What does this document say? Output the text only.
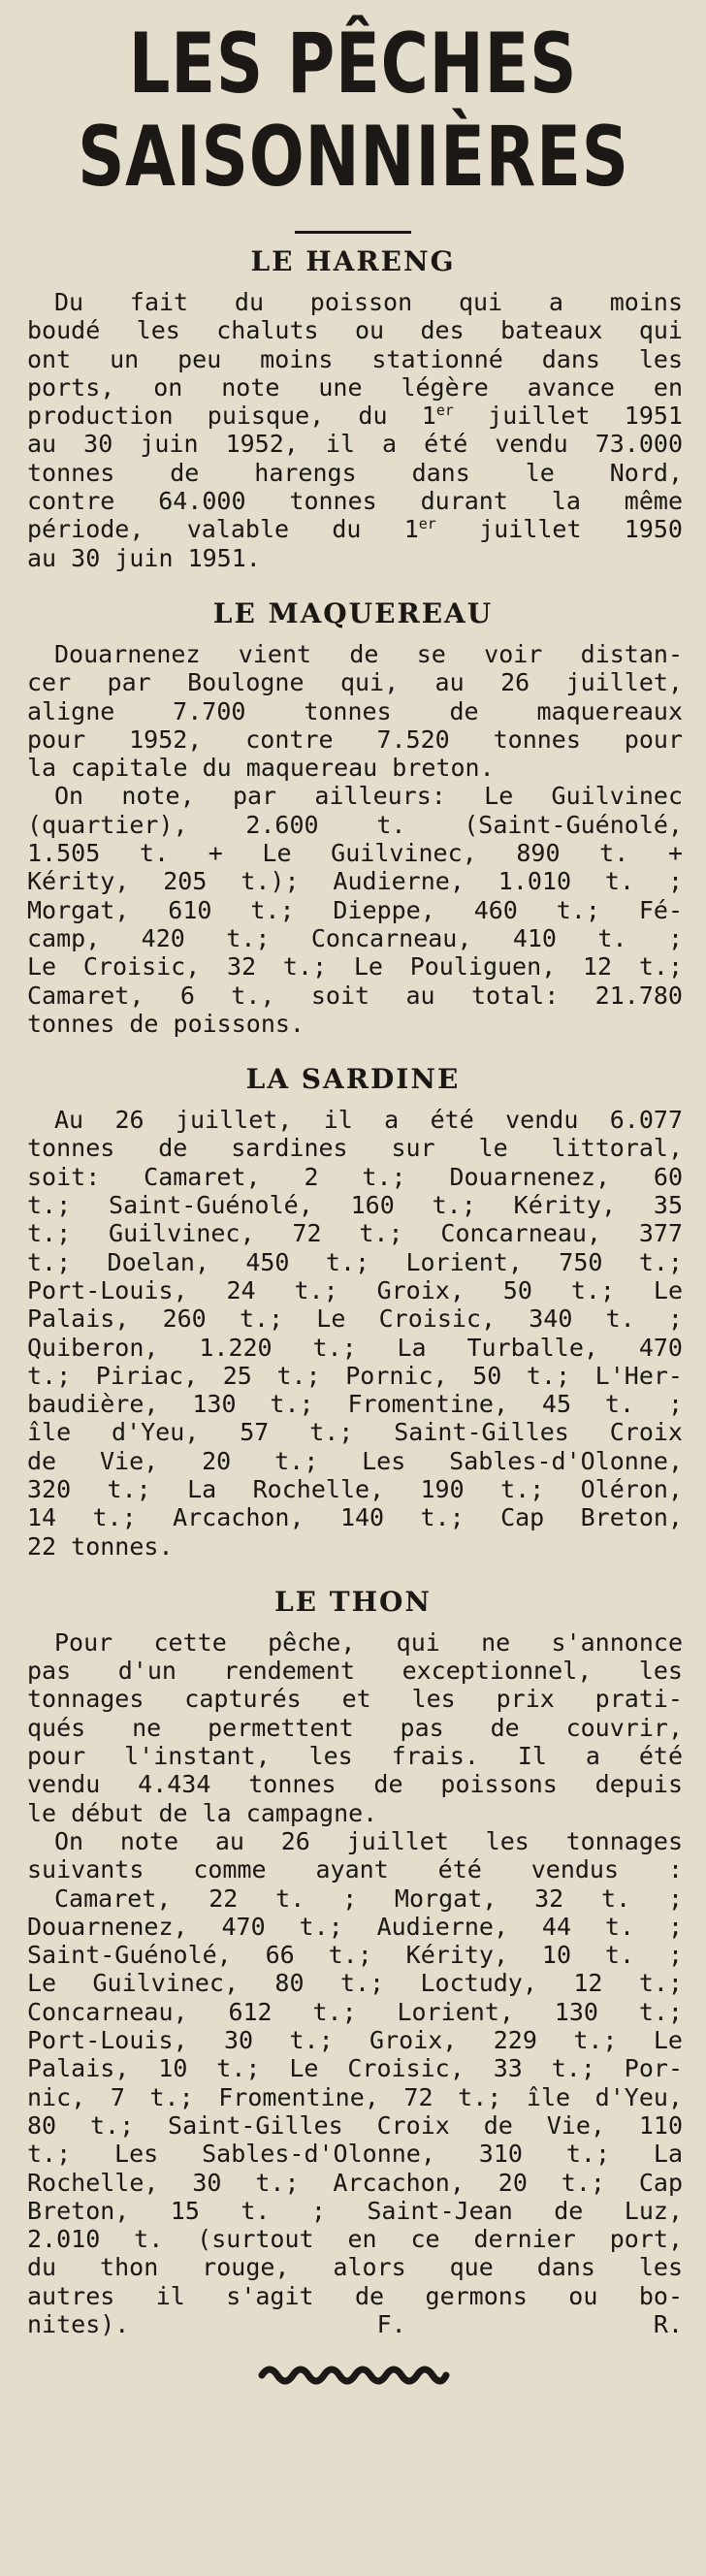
LES PÊCHES
SAISONNIÈRES
LE HARENG
Du fait du poisson qui a moins
boudé les chaluts ou des bateaux qui
ont un peu moins stationné dans les
ports, on note une légère avance en
production puisque, du 1er juillet 1951
au 30 juin 1952, il a été vendu 73.000
tonnes de harengs dans le Nord,
contre 64.000 tonnes durant la même
période, valable du 1er juillet 1950
au 30 juin 1951.
LE MAQUEREAU
Douarnenez vient de se voir distan-
cer par Boulogne qui, au 26 juillet,
aligne 7.700 tonnes de maquereaux
pour 1952, contre 7.520 tonnes pour
la capitale du maquereau breton.
On note, par ailleurs: Le Guilvinec
(quartier), 2.600 t. (Saint-Guénolé,
1.505 t. + Le Guilvinec, 890 t. +
Kérity, 205 t.); Audierne, 1.010 t. ;
Morgat, 610 t.; Dieppe, 460 t.; Fé-
camp, 420 t.; Concarneau, 410 t. ;
Le Croisic, 32 t.; Le Pouliguen, 12 t.;
Camaret, 6 t., soit au total: 21.780
tonnes de poissons.
LA SARDINE
Au 26 juillet, il a été vendu 6.077
tonnes de sardines sur le littoral,
soit: Camaret, 2 t.; Douarnenez, 60
t.; Saint-Guénolé, 160 t.; Kérity, 35
t.; Guilvinec, 72 t.; Concarneau, 377
t.; Doelan, 450 t.; Lorient, 750 t.;
Port-Louis, 24 t.; Groix, 50 t.; Le
Palais, 260 t.; Le Croisic, 340 t. ;
Quiberon, 1.220 t.; La Turballe, 470
t.; Piriac, 25 t.; Pornic, 50 t.; L'Her-
baudière, 130 t.; Fromentine, 45 t. ;
île d'Yeu, 57 t.; Saint-Gilles Croix
de Vie, 20 t.; Les Sables-d'Olonne,
320 t.; La Rochelle, 190 t.; Oléron,
14 t.; Arcachon, 140 t.; Cap Breton,
22 tonnes.
LE THON
Pour cette pêche, qui ne s'annonce
pas d'un rendement exceptionnel, les
tonnages capturés et les prix prati-
qués ne permettent pas de couvrir,
pour l'instant, les frais. Il a été
vendu 4.434 tonnes de poissons depuis
le début de la campagne.
On note au 26 juillet les tonnages
suivants comme ayant été vendus :
Camaret, 22 t. ; Morgat, 32 t. ;
Douarnenez, 470 t.; Audierne, 44 t. ;
Saint-Guénolé, 66 t.; Kérity, 10 t. ;
Le Guilvinec, 80 t.; Loctudy, 12 t.;
Concarneau, 612 t.; Lorient, 130 t.;
Port-Louis, 30 t.; Groix, 229 t.; Le
Palais, 10 t.; Le Croisic, 33 t.; Por-
nic, 7 t.; Fromentine, 72 t.; île d'Yeu,
80 t.; Saint-Gilles Croix de Vie, 110
t.; Les Sables-d'Olonne, 310 t.; La
Rochelle, 30 t.; Arcachon, 20 t.; Cap
Breton, 15 t. ; Saint-Jean de Luz,
2.010 t. (surtout en ce dernier port,
du thon rouge, alors que dans les
autres il s'agit de germons ou bo-
nites). F. R.
